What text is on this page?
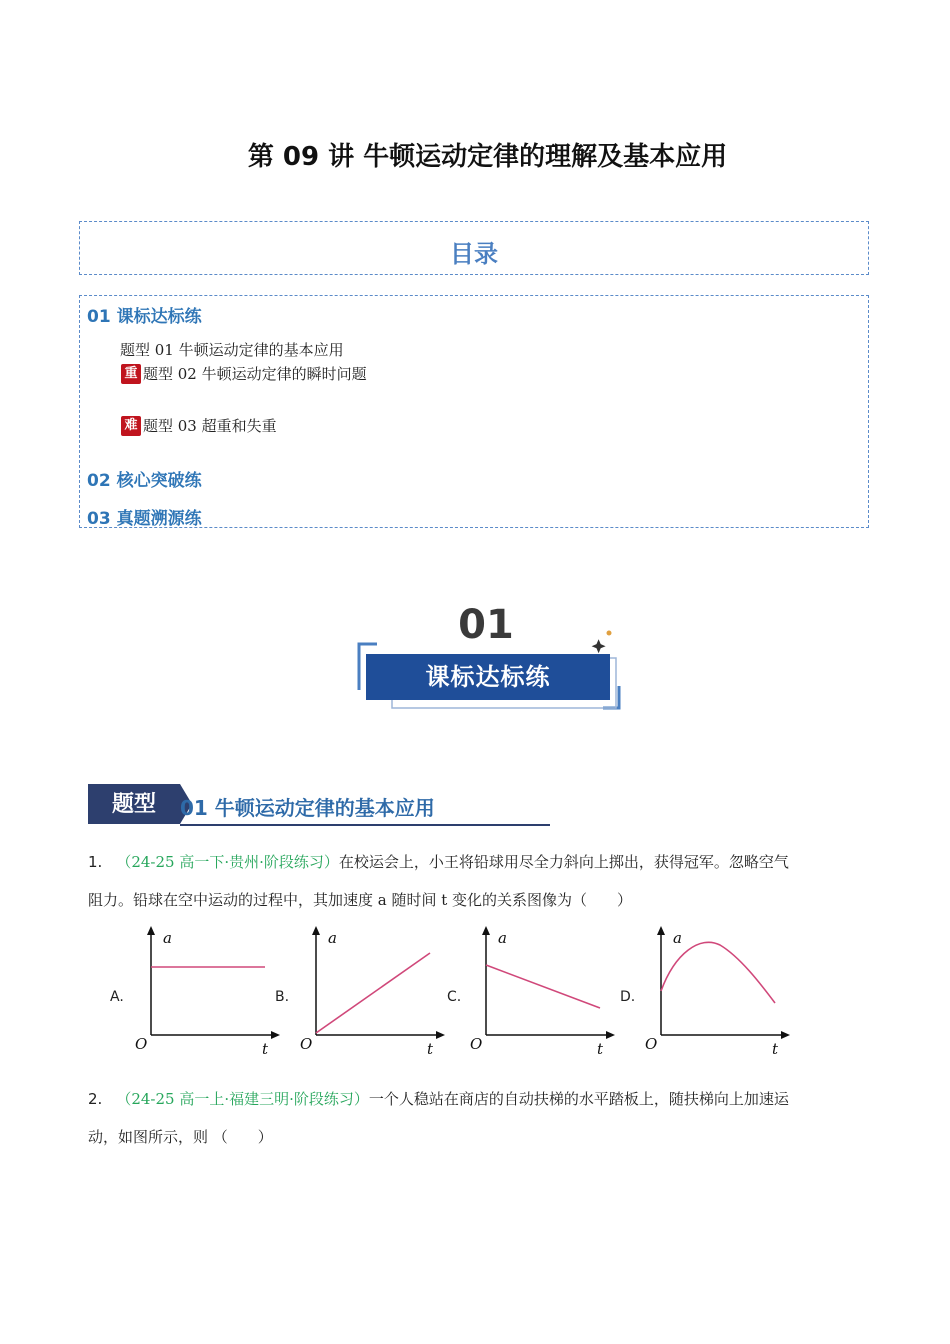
第 09 讲 牛顿运动定律的理解及基本应用
目录
01 课标达标练
题型 01 牛顿运动定律的基本应用
重 题型 02 牛顿运动定律的瞬时问题
难 题型 03 超重和失重
02 核心突破练
03 真题溯源练
01
课标达标练
题型	01 牛顿运动定律的基本应用
1. （24-25 高一下·贵州·阶段练习）在校运会上，小王将铅球用尽全力斜向上掷出，获得冠军。忽略空气
阻力。铅球在空中运动的过程中，其加速度 a 随时间 t 变化的关系图像为（　　）
A.
a
t
O
B.
a
t
O
C.
a
t
O
D.
a
t
O
2. （24-25 高一上·福建三明·阶段练习）一个人稳站在商店的自动扶梯的水平踏板上，随扶梯向上加速运
动，如图所示，则 （　　）
